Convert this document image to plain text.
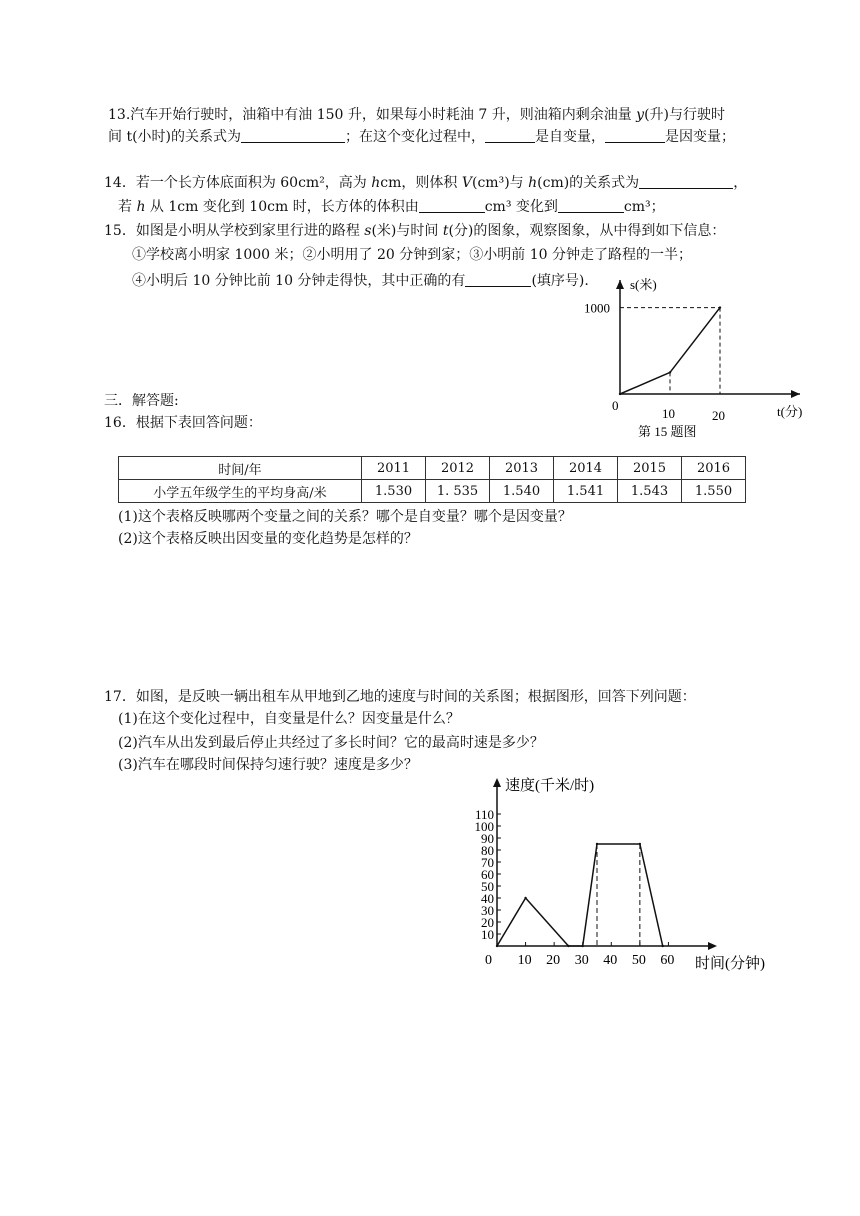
13.汽车开始行驶时，油箱中有油 150 升，如果每小时耗油 7 升，则油箱内剩余油量 y(升)与行驶时
间 t(小时)的关系式为	；在这个变化过程中，	是自变量，	是因变量；
14．若一个长方体底面积为 60cm²，高为 hcm，则体积 V(cm³)与 h(cm)的关系式为	，
若 h 从 1cm 变化到 10cm 时，长方体的体积由	cm³ 变化到	cm³；
15．如图是小明从学校到家里行进的路程 s(米)与时间 t(分)的图象，观察图象，从中得到如下信息：
①学校离小明家 1000 米；②小明用了 20 分钟到家；③小明前 10 分钟走了路程的一半；
④小明后 10 分钟比前 10 分钟走得快，其中正确的有	(填序号).
0
10	20
1000
s(米)
t(分)
第 15 题图
三．解答题:
16．根据下表回答问题：
时间/年	2011	2012	2013	2014	2015	2016
小学五年级学生的平均身高/米	1.530	1. 535	1.540	1.541	1.543	1.550
(1)这个表格反映哪两个变量之间的关系？哪个是自变量？哪个是因变量？
(2)这个表格反映出因变量的变化趋势是怎样的？
17．如图，是反映一辆出租车从甲地到乙地的速度与时间的关系图；根据图形，回答下列问题：
(1)在这个变化过程中，自变量是什么？因变量是什么？
(2)汽车从出发到最后停止共经过了多长时间？它的最高时速是多少？
(3)汽车在哪段时间保持匀速行驶？速度是多少？
10 20 30 40 50 60
10
20
30
40
50
60
70
80
90
100
110
0
速度(千米/时)
时间(分钟)
